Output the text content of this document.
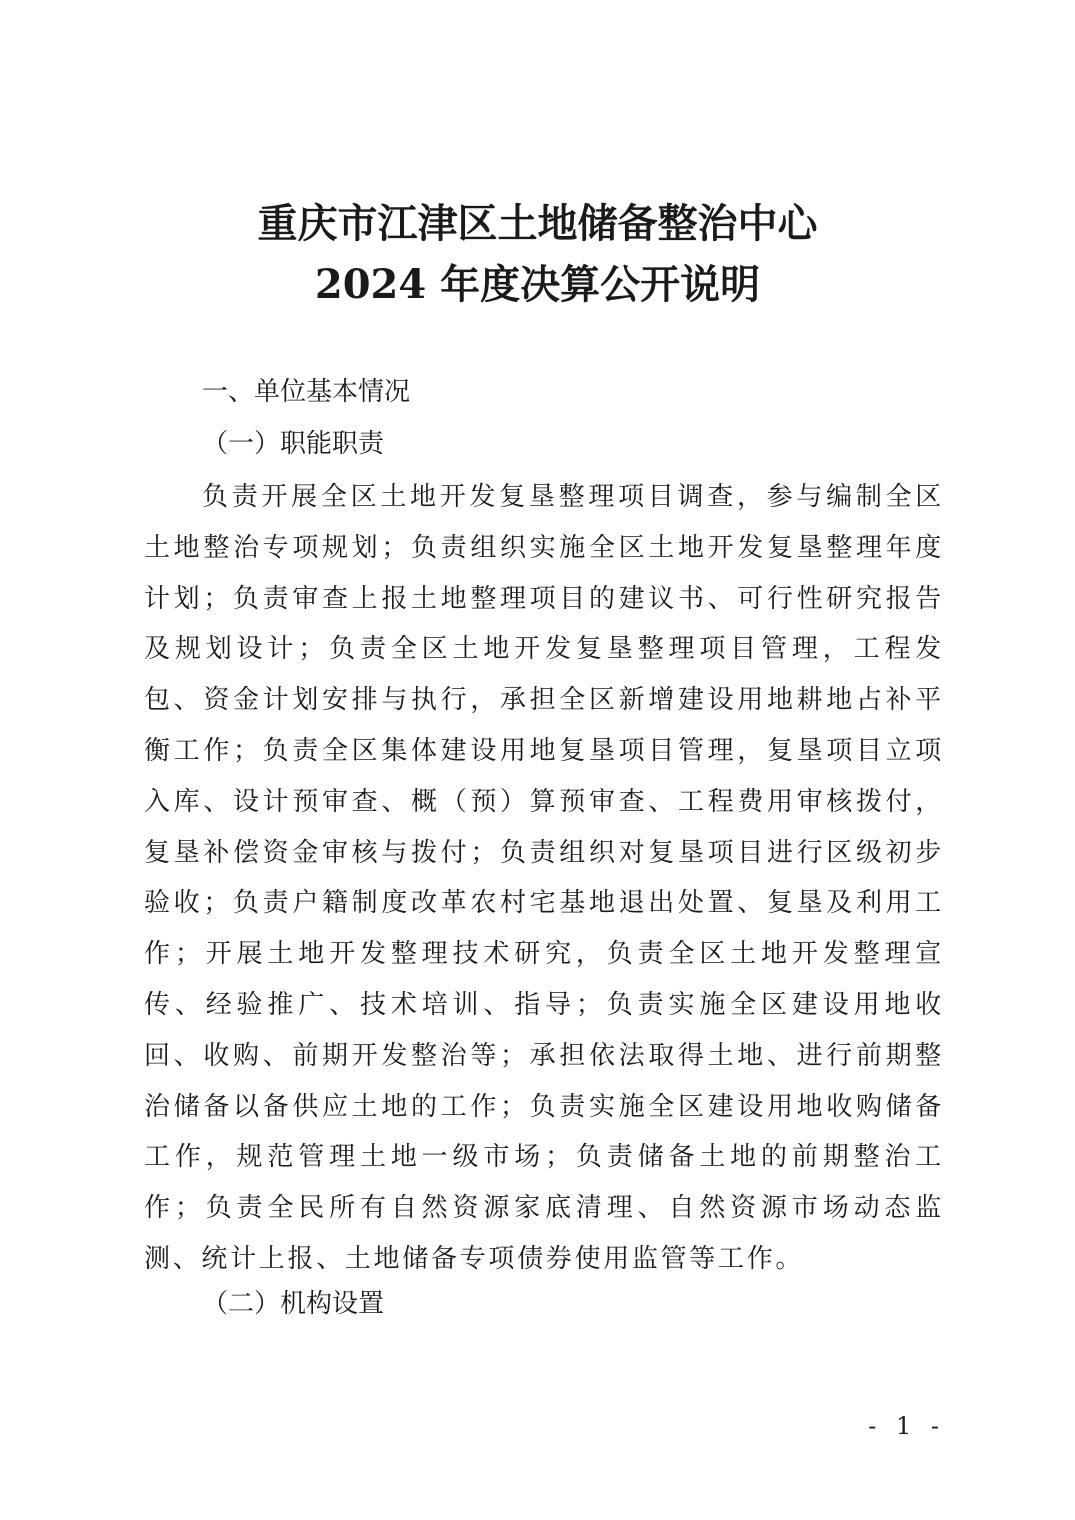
重庆市江津区土地储备整治中心
2024 年度决算公开说明
一、单位基本情况
（一）职能职责

负责开展全区土地开发复垦整理项目调查，参与编制全区土地整治专项规划；负责组织实施全区土地开发复垦整理年度计划；负责审查上报土地整理项目的建议书、可行性研究报告及规划设计；负责全区土地开发复垦整理项目管理，工程发包、资金计划安排与执行，承担全区新增建设用地耕地占补平衡工作；负责全区集体建设用地复垦项目管理，复垦项目立项入库、设计预审查、概（预）算预审查、工程费用审核拨付，复垦补偿资金审核与拨付；负责组织对复垦项目进行区级初步验收；负责户籍制度改革农村宅基地退出处置、复垦及利用工作；开展土地开发整理技术研究，负责全区土地开发整理宣传、经验推广、技术培训、指导；负责实施全区建设用地收回、收购、前期开发整治等；承担依法取得土地、进行前期整治储备以备供应土地的工作；负责实施全区建设用地收购储备工作，规范管理土地一级市场；负责储备土地的前期整治工作；负责全民所有自然资源家底清理、自然资源市场动态监测、统计上报、土地储备专项债券使用监管等工作。

（二）机构设置
- 1 -
